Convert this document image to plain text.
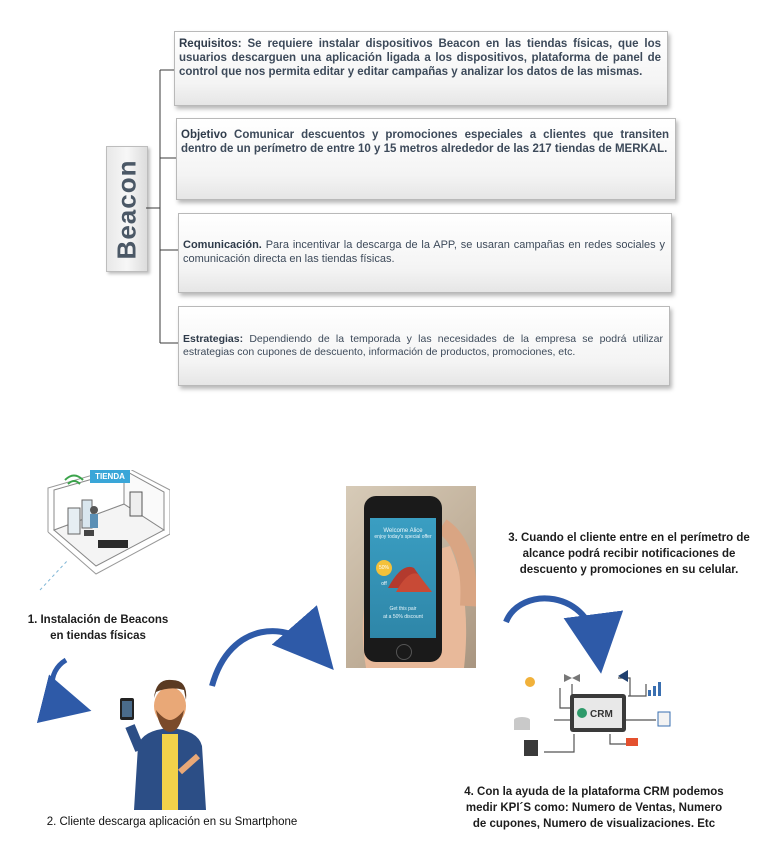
Beacon
Requisitos: Se requiere instalar dispositivos Beacon en las tiendas físicas, que los usuarios descarguen una aplicación ligada a los dispositivos, plataforma de panel de control que nos permita editar y editar campañas y analizar los datos de las mismas.
Objetivo Comunicar descuentos y promociones especiales a clientes que transiten dentro de un perímetro de entre 10 y 15 metros alrededor de las 217 tiendas de MERKAL.
Comunicación. Para incentivar la descarga de la APP, se usaran campañas en redes sociales y comunicación directa en las tiendas físicas.
Estrategias: Dependiendo de la temporada y las necesidades de la empresa se podrá utilizar estrategias con cupones de descuento, información de productos, promociones, etc.
TIENDA
1. Instalación de Beacons
en tiendas físicas
2. Cliente descarga aplicación en su Smartphone
Welcome Alice
enjoy today's special offer
50% off
Get this pair
at a 50% discount
3. Cuando el cliente entre en el perímetro de
alcance podrá recibir notificaciones de
descuento y promociones en su celular.
CRM
4. Con la ayuda de la plataforma CRM podemos
medir KPI´S como: Numero de Ventas, Numero
de cupones, Numero de visualizaciones. Etc
